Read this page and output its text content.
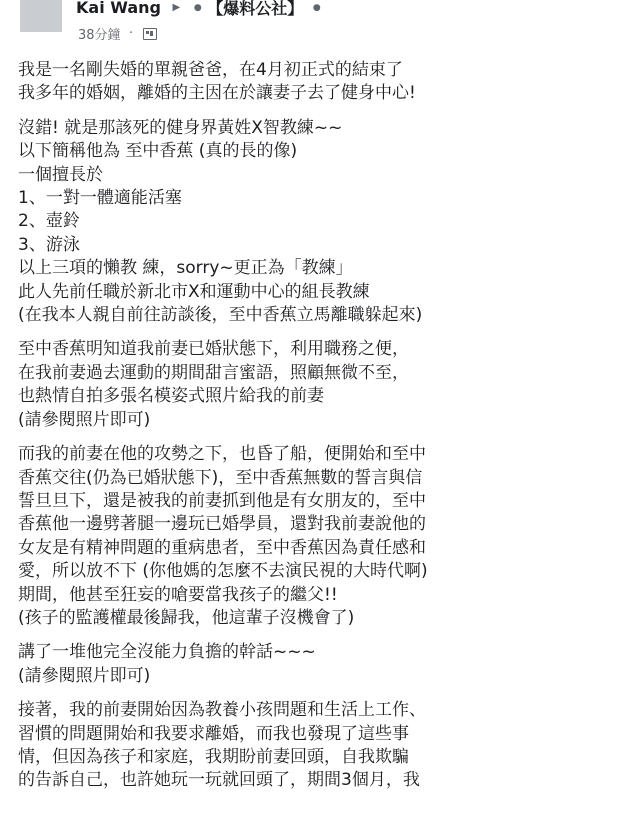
Kai Wang ▶ ● 【爆料公社】 ●
38分鐘  ·
我是一名剛失婚的單親爸爸，在4月初正式的結束了
我多年的婚姻，離婚的主因在於讓妻子去了健身中心!
沒錯! 就是那該死的健身界黃姓X智教練~~
以下簡稱他為 至中香蕉 (真的長的像)
一個擅長於
1、一對一體適能活塞
2、壺鈴
3、游泳
以上三項的懶教 練，sorry~更正為「教練」
此人先前任職於新北市X和運動中心的組長教練
(在我本人親自前往訪談後，至中香蕉立馬離職躲起來)
至中香蕉明知道我前妻已婚狀態下，利用職務之便，
在我前妻過去運動的期間甜言蜜語，照顧無微不至，
也熱情自拍多張名模姿式照片給我的前妻
(請參閱照片即可)
而我的前妻在他的攻勢之下，也昏了船，便開始和至中
香蕉交往(仍為已婚狀態下)，至中香蕉無數的誓言與信
誓旦旦下，還是被我的前妻抓到他是有女朋友的，至中
香蕉他一邊劈著腿一邊玩已婚學員，還對我前妻說他的
女友是有精神問題的重病患者，至中香蕉因為責任感和
愛，所以放不下 (你他媽的怎麼不去演民視的大時代啊)
期間，他甚至狂妄的嗆要當我孩子的繼父!!
(孩子的監護權最後歸我，他這輩子沒機會了)
講了一堆他完全沒能力負擔的幹話~~~
(請參閱照片即可)
接著，我的前妻開始因為教養小孩問題和生活上工作、
習慣的問題開始和我要求離婚，而我也發現了這些事
情，但因為孩子和家庭，我期盼前妻回頭，自我欺騙
的告訴自己，也許她玩一玩就回頭了，期間3個月，我
